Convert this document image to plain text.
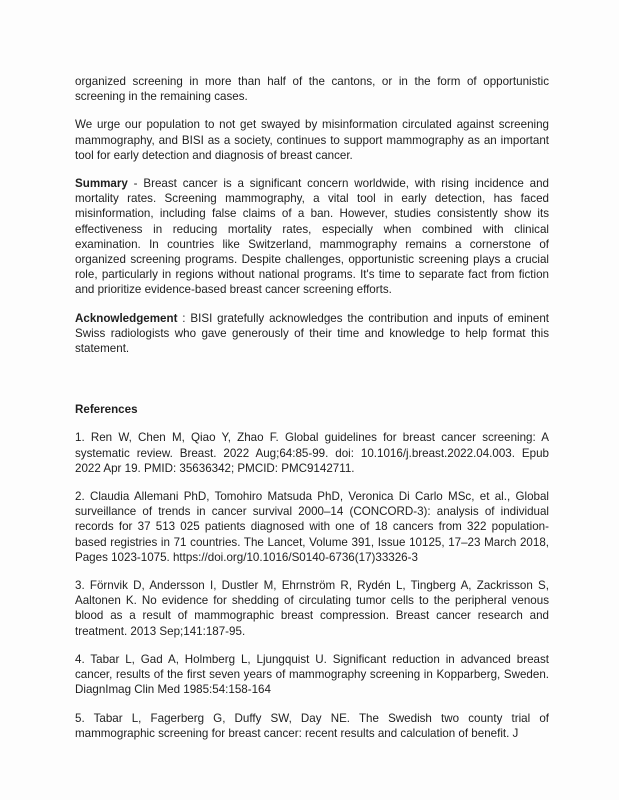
organized screening in more than half of the cantons, or in the form of opportunistic screening in the remaining cases.

We urge our population to not get swayed by misinformation circulated against screening mammography, and BISI as a society, continues to support mammography as an important tool for early detection and diagnosis of breast cancer.

Summary - Breast cancer is a significant concern worldwide, with rising incidence and mortality rates. Screening mammography, a vital tool in early detection, has faced misinformation, including false claims of a ban. However, studies consistently show its effectiveness in reducing mortality rates, especially when combined with clinical examination. In countries like Switzerland, mammography remains a cornerstone of organized screening programs. Despite challenges, opportunistic screening plays a crucial role, particularly in regions without national programs. It's time to separate fact from fiction and prioritize evidence-based breast cancer screening efforts.

Acknowledgement : BISI gratefully acknowledges the contribution and inputs of eminent Swiss radiologists who gave generously of their time and knowledge to help format this statement.

References

1. Ren W, Chen M, Qiao Y, Zhao F. Global guidelines for breast cancer screening: A systematic review. Breast. 2022 Aug;64:85-99. doi: 10.1016/j.breast.2022.04.003. Epub 2022 Apr 19. PMID: 35636342; PMCID: PMC9142711.

2. Claudia Allemani PhD, Tomohiro Matsuda PhD, Veronica Di Carlo MSc, et al., Global surveillance of trends in cancer survival 2000–14 (CONCORD-3): analysis of individual records for 37 513 025 patients diagnosed with one of 18 cancers from 322 population-based registries in 71 countries. The Lancet, Volume 391, Issue 10125, 17–23 March 2018, Pages 1023-1075. https://doi.org/10.1016/S0140-6736(17)33326-3

3. Förnvik D, Andersson I, Dustler M, Ehrnström R, Rydén L, Tingberg A, Zackrisson S, Aaltonen K. No evidence for shedding of circulating tumor cells to the peripheral venous blood as a result of mammographic breast compression. Breast cancer research and treatment. 2013 Sep;141:187-95.

4. Tabar L, Gad A, Holmberg L, Ljungquist U. Significant reduction in advanced breast cancer, results of the first seven years of mammography screening in Kopparberg, Sweden. DiagnImag Clin Med 1985:54:158-164

5. Tabar L, Fagerberg G, Duffy SW, Day NE. The Swedish two county trial of mammographic screening for breast cancer: recent results and calculation of benefit. J
